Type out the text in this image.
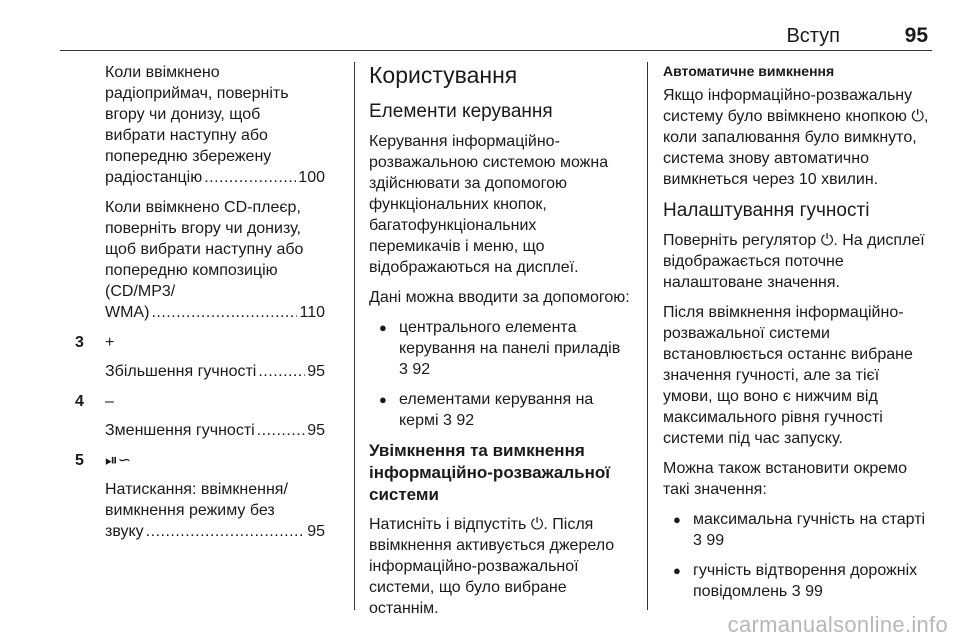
Вступ	95
Коли ввімкнено радіоприймач, поверніть вгору чи донизу, щоб вибрати наступну або попередню збережену
радіостанцію .....	100
Коли ввімкнено CD-плеєр, поверніть вгору чи донизу, щоб вибрати наступну або попередню композицію (CD/MP3/
WMA) .....	110
3 +
Збільшення гучності .....	95
4 –
Зменшення гучності .....	95
5 ⏯︎∽
Натискання: ввімкнення/ вимкнення режиму без
звуку .....	95
Користування
Елементи керування

Керування інформаційно-розважальною системою можна здійснювати за допомогою функціональних кнопок, багатофункціональних перемикачів і меню, що відображаються на дисплеї.

Дані можна вводити за допомогою:

● центрального елемента керування на панелі приладів 3 92
● елементами керування на кермі 3 92
Увімкнення та вимкнення інформаційно-розважальної системи

Натисніть і відпустіть ⏻. Після ввімкнення активується джерело інформаційно-розважальної системи, що було вибране останнім.

Автоматичне вимкнення

Якщо інформаційно-розважальну систему було ввімкнено кнопкою ⏻, коли запалювання було вимкнуто, система знову автоматично вимкнеться через 10 хвилин.

Налаштування гучності

Поверніть регулятор ⏻. На дисплеї відображається поточне налаштоване значення.

Після ввімкнення інформаційно-розважальної системи встановлюється останнє вибране значення гучності, але за тієї умови, що воно є нижчим від максимального рівня гучності системи під час запуску.

Можна також встановити окремо такі значення:

● максимальна гучність на старті 3 99
● гучність відтворення дорожніх повідомлень 3 99
carmanualsonline.info
